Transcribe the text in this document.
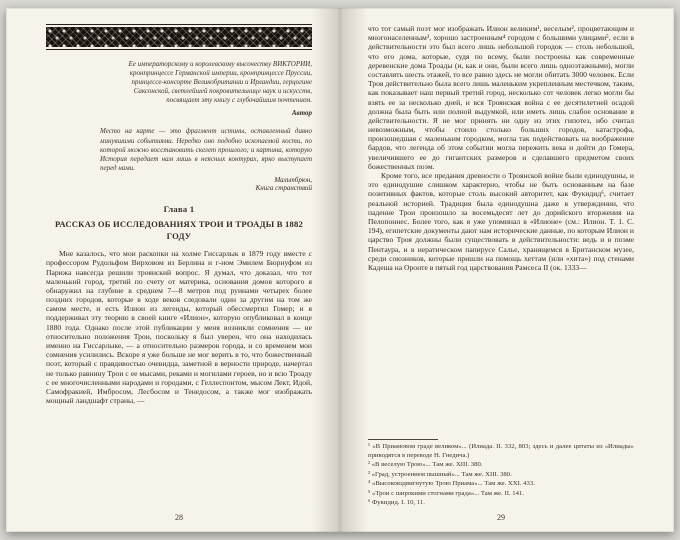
Ее императорскому и королевскому высочеству ВИКТОРИИ, кронпринцессе Германской империи, кронпринцессе Пруссии, принцессе-консорте Великобритании и Ирландии, герцогине Саксонской, светлейшей покровительнице наук и искусств, посвящает эту книгу с глубочайшим почтением.
Автор
Место на карте — это фрагмент истины, оставленный давно минувшими событиями. Нередко оно подобно ископаемой кости, по которой можно восстановить скелет прошлого; и картина, которую История передает нам лишь в неясных контурах, ярко выступает перед нами.
Мальтбрюн,
Книга странствий
Глава 1
РАССКАЗ ОБ ИССЛЕДОВАНИЯХ ТРОИ И ТРОАДЫ В 1882 ГОДУ

Мне казалось, что мои раскопки на холме Гиссарлык в 1879 году вместе с профессором Рудольфом Вирховом из Берлина и г-ном Эмилем Бюрнуфом из Парижа навсегда решили троянский вопрос. Я думал, что доказал, что тот маленький город, третий по счету от материка, основания домов которого я обнаружил на глубине в среднем 7—8 метров под руинами четырех более поздних городов, которые в ходе веков следовали один за другим на том же самом месте, и есть Илион из легенды, который обессмертил Гомер; и я поддерживал эту теорию в своей книге «Илион», которую опубликовал в конце 1880 года. Однако после этой публикации у меня возникли сомнения — не относительно положения Трои, поскольку я был уверен, что она находилась именно на Гиссарлыке, — а относительно размеров города, и со временем мои сомнения усилились. Вскоре я уже больше не мог верить в то, что божественный поэт, который с правдивостью очевидца, заметной в верности природе, начертал не только равнину Трои с ее мысами, реками и могилами героев, но и всю Троаду с ее многочисленными народами и городами, с Геллеспонтом, мысом Лект, Идой, Самофракией, Имбросом, Лесбосом и Тенедосом, а также мог изображать мощный ландшафт страны, —

28

что тот самый поэт мог изображать Илион великим¹, веселым², процветающим и многонаселенным³, хорошо застроенным⁴ городом с большими улицами⁵, если в действительности это был всего лишь небольшой городок — столь небольшой, что его дома, которые, судя по всему, были построены как современные деревенские дома Троады (и, как и они, были всего лишь одноэтажными), могли составлять шесть этажей, то все равно здесь не могли обитать 3000 человек. Если Троя действительно была всего лишь маленьким укрепленным местечком, таким, как показывает наш первый третий город, несколько сот человек легко могли бы взять ее за несколько дней, и вся Троянская война с ее десятилетней осадой должна была быть или полной выдумкой, или иметь лишь слабое основание в действительности. Я не мог принять ни одну из этих гипотез, ибо считал невозможным, чтобы стоило столько больших городов, катастрофа, произошедшая с маленьким городком, могла так подействовать на воображение бардов, что легенда об этом событии могла пережить века и дойти до Гомера, увеличившего ее до гигантских размеров и сделавшего предметом своих божественных поэм.

Кроме того, все предания древности о Троянской войне были единодушны, и это единодушие слишком характерно, чтобы не быть основанным на базе позитивных фактов, которые столь высокий авторитет, как Фукидид⁶, считает реальной историей. Традиция была единодушна даже в утверждении, что падение Трои произошло за восемьдесят лет до дорийского вторжения на Пелопоннес. Более того, как я уже упоминал в «Илионе» (см.: Илион. Т. 1. С. 194), египетские документы дают нам исторические данные, по которым Илион и царство Троя должны были существовать в действительности: ведь и в поэме Пентаура, и в иератическом папирусе Салье, хранящемся в Британском музее, среди союзников, которые пришли на помощь хеттам (или «хита») под стенами Кадеша на Оронте в пятый год царствования Рамсеса II (ок. 1333—

¹ «В Приамовом граде великом»... (Илиада. II. 332, 803; здесь и далее цитаты из «Илиады» приводятся в переводе Н. Гнедича.)

² «В веселую Трою»... Там же. XIII. 380.

³ «Град, устроением пышный»... Там же. XIII. 380.

⁴ «Высоковздвигнутую Трою Приама»... Там же. XXI. 433.

⁵ «Трои с широкими стогнами града»... Там же. II. 141.

⁶ Фукидид. I. 10, 11.

29
